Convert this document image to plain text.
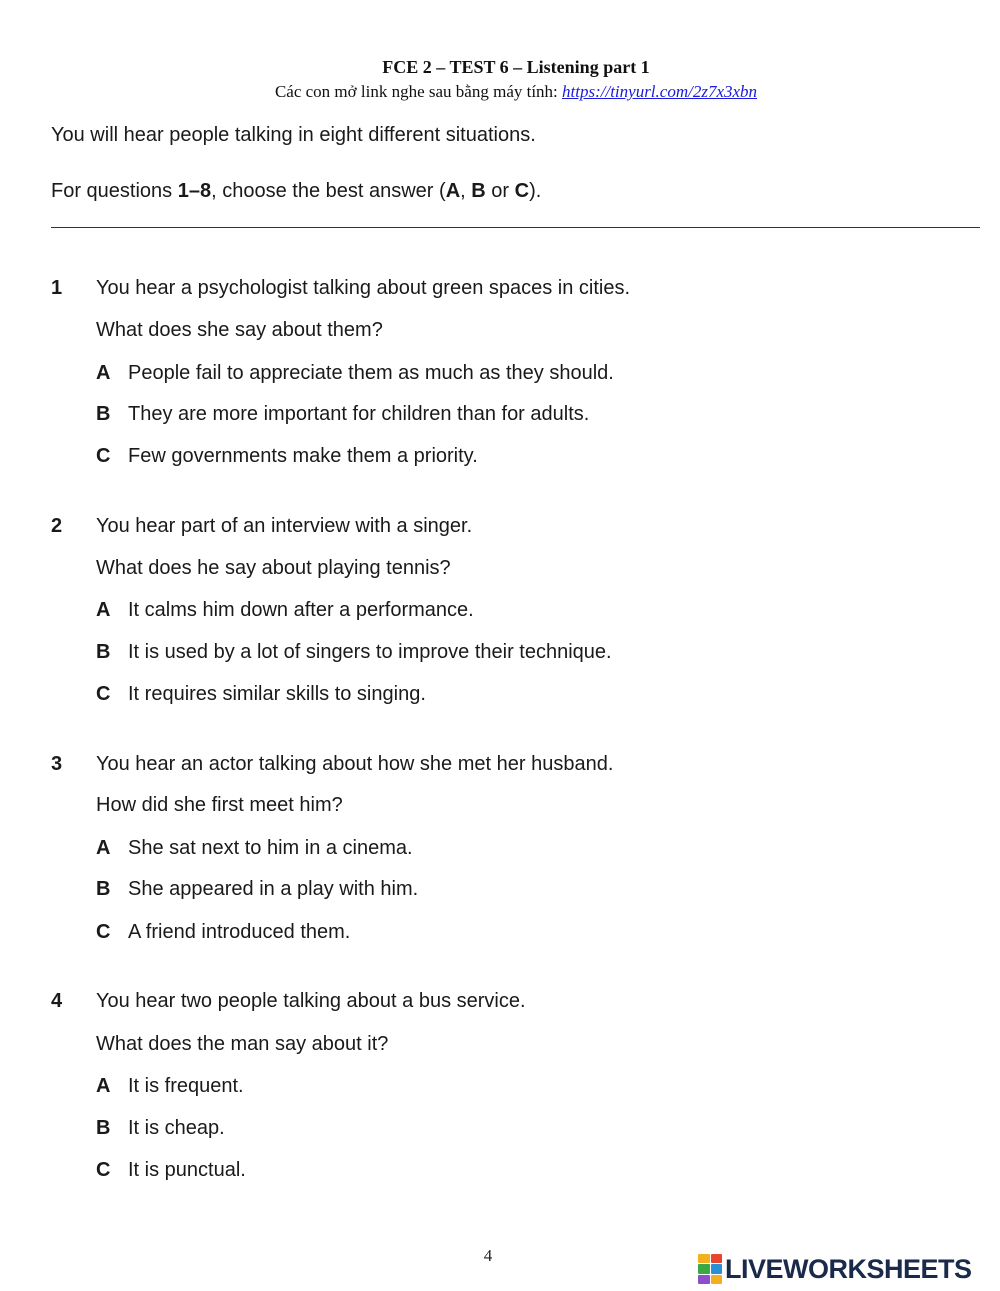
FCE 2 – TEST 6 – Listening part 1
Các con mở link nghe sau bằng máy tính: https://tinyurl.com/2z7x3xbn
You will hear people talking in eight different situations.
For questions 1–8, choose the best answer (A, B or C).
1 You hear a psychologist talking about green spaces in cities.
What does she say about them?
A People fail to appreciate them as much as they should.
B They are more important for children than for adults.
C Few governments make them a priority.
2 You hear part of an interview with a singer.
What does he say about playing tennis?
A It calms him down after a performance.
B It is used by a lot of singers to improve their technique.
C It requires similar skills to singing.
3 You hear an actor talking about how she met her husband.
How did she first meet him?
A She sat next to him in a cinema.
B She appeared in a play with him.
C A friend introduced them.
4 You hear two people talking about a bus service.
What does the man say about it?
A It is frequent.
B It is cheap.
C It is punctual.
4	LIVEWORKSHEETS
